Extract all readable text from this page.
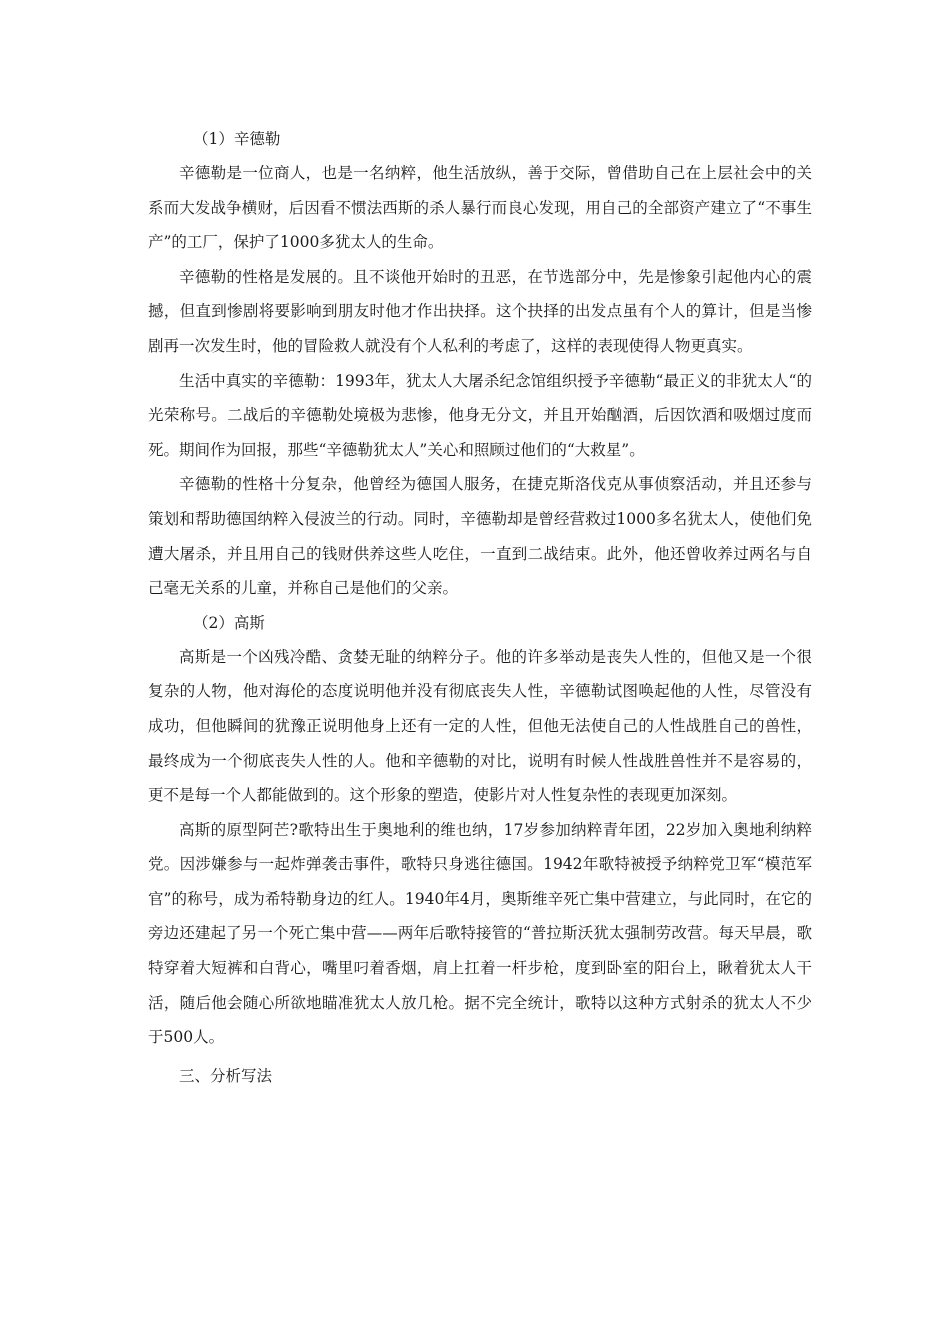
（1）辛德勒

辛德勒是一位商人，也是一名纳粹，他生活放纵，善于交际，曾借助自己在上层社会中的关系而大发战争横财，后因看不惯法西斯的杀人暴行而良心发现，用自己的全部资产建立了“不事生产”的工厂，保护了1000多犹太人的生命。

辛德勒的性格是发展的。且不谈他开始时的丑恶，在节选部分中，先是惨象引起他内心的震撼，但直到惨剧将要影响到朋友时他才作出抉择。这个抉择的出发点虽有个人的算计，但是当惨剧再一次发生时，他的冒险救人就没有个人私利的考虑了，这样的表现使得人物更真实。

生活中真实的辛德勒：1993年，犹太人大屠杀纪念馆组织授予辛德勒“最正义的非犹太人“的光荣称号。二战后的辛德勒处境极为悲惨，他身无分文，并且开始酗酒，后因饮酒和吸烟过度而死。期间作为回报，那些“辛德勒犹太人”关心和照顾过他们的“大救星”。

辛德勒的性格十分复杂，他曾经为德国人服务，在捷克斯洛伐克从事侦察活动，并且还参与策划和帮助德国纳粹入侵波兰的行动。同时，辛德勒却是曾经营救过1000多名犹太人，使他们免遭大屠杀，并且用自己的钱财供养这些人吃住，一直到二战结束。此外，他还曾收养过两名与自己毫无关系的儿童，并称自己是他们的父亲。

（2）高斯

高斯是一个凶残冷酷、贪婪无耻的纳粹分子。他的许多举动是丧失人性的，但他又是一个很复杂的人物，他对海伦的态度说明他并没有彻底丧失人性，辛德勒试图唤起他的人性，尽管没有成功，但他瞬间的犹豫正说明他身上还有一定的人性，但他无法使自己的人性战胜自己的兽性，最终成为一个彻底丧失人性的人。他和辛德勒的对比，说明有时候人性战胜兽性并不是容易的，更不是每一个人都能做到的。这个形象的塑造，使影片对人性复杂性的表现更加深刻。

高斯的原型阿芒?歌特出生于奥地利的维也纳，17岁参加纳粹青年团，22岁加入奥地利纳粹党。因涉嫌参与一起炸弹袭击事件，歌特只身逃往德国。1942年歌特被授予纳粹党卫军“模范军官”的称号，成为希特勒身边的红人。1940年4月，奥斯维辛死亡集中营建立，与此同时，在它的旁边还建起了另一个死亡集中营——两年后歌特接管的“普拉斯沃犹太强制劳改营。每天早晨，歌特穿着大短裤和白背心，嘴里叼着香烟，肩上扛着一杆步枪，度到卧室的阳台上，瞅着犹太人干活，随后他会随心所欲地瞄准犹太人放几枪。据不完全统计，歌特以这种方式射杀的犹太人不少于500人。

三、分析写法
